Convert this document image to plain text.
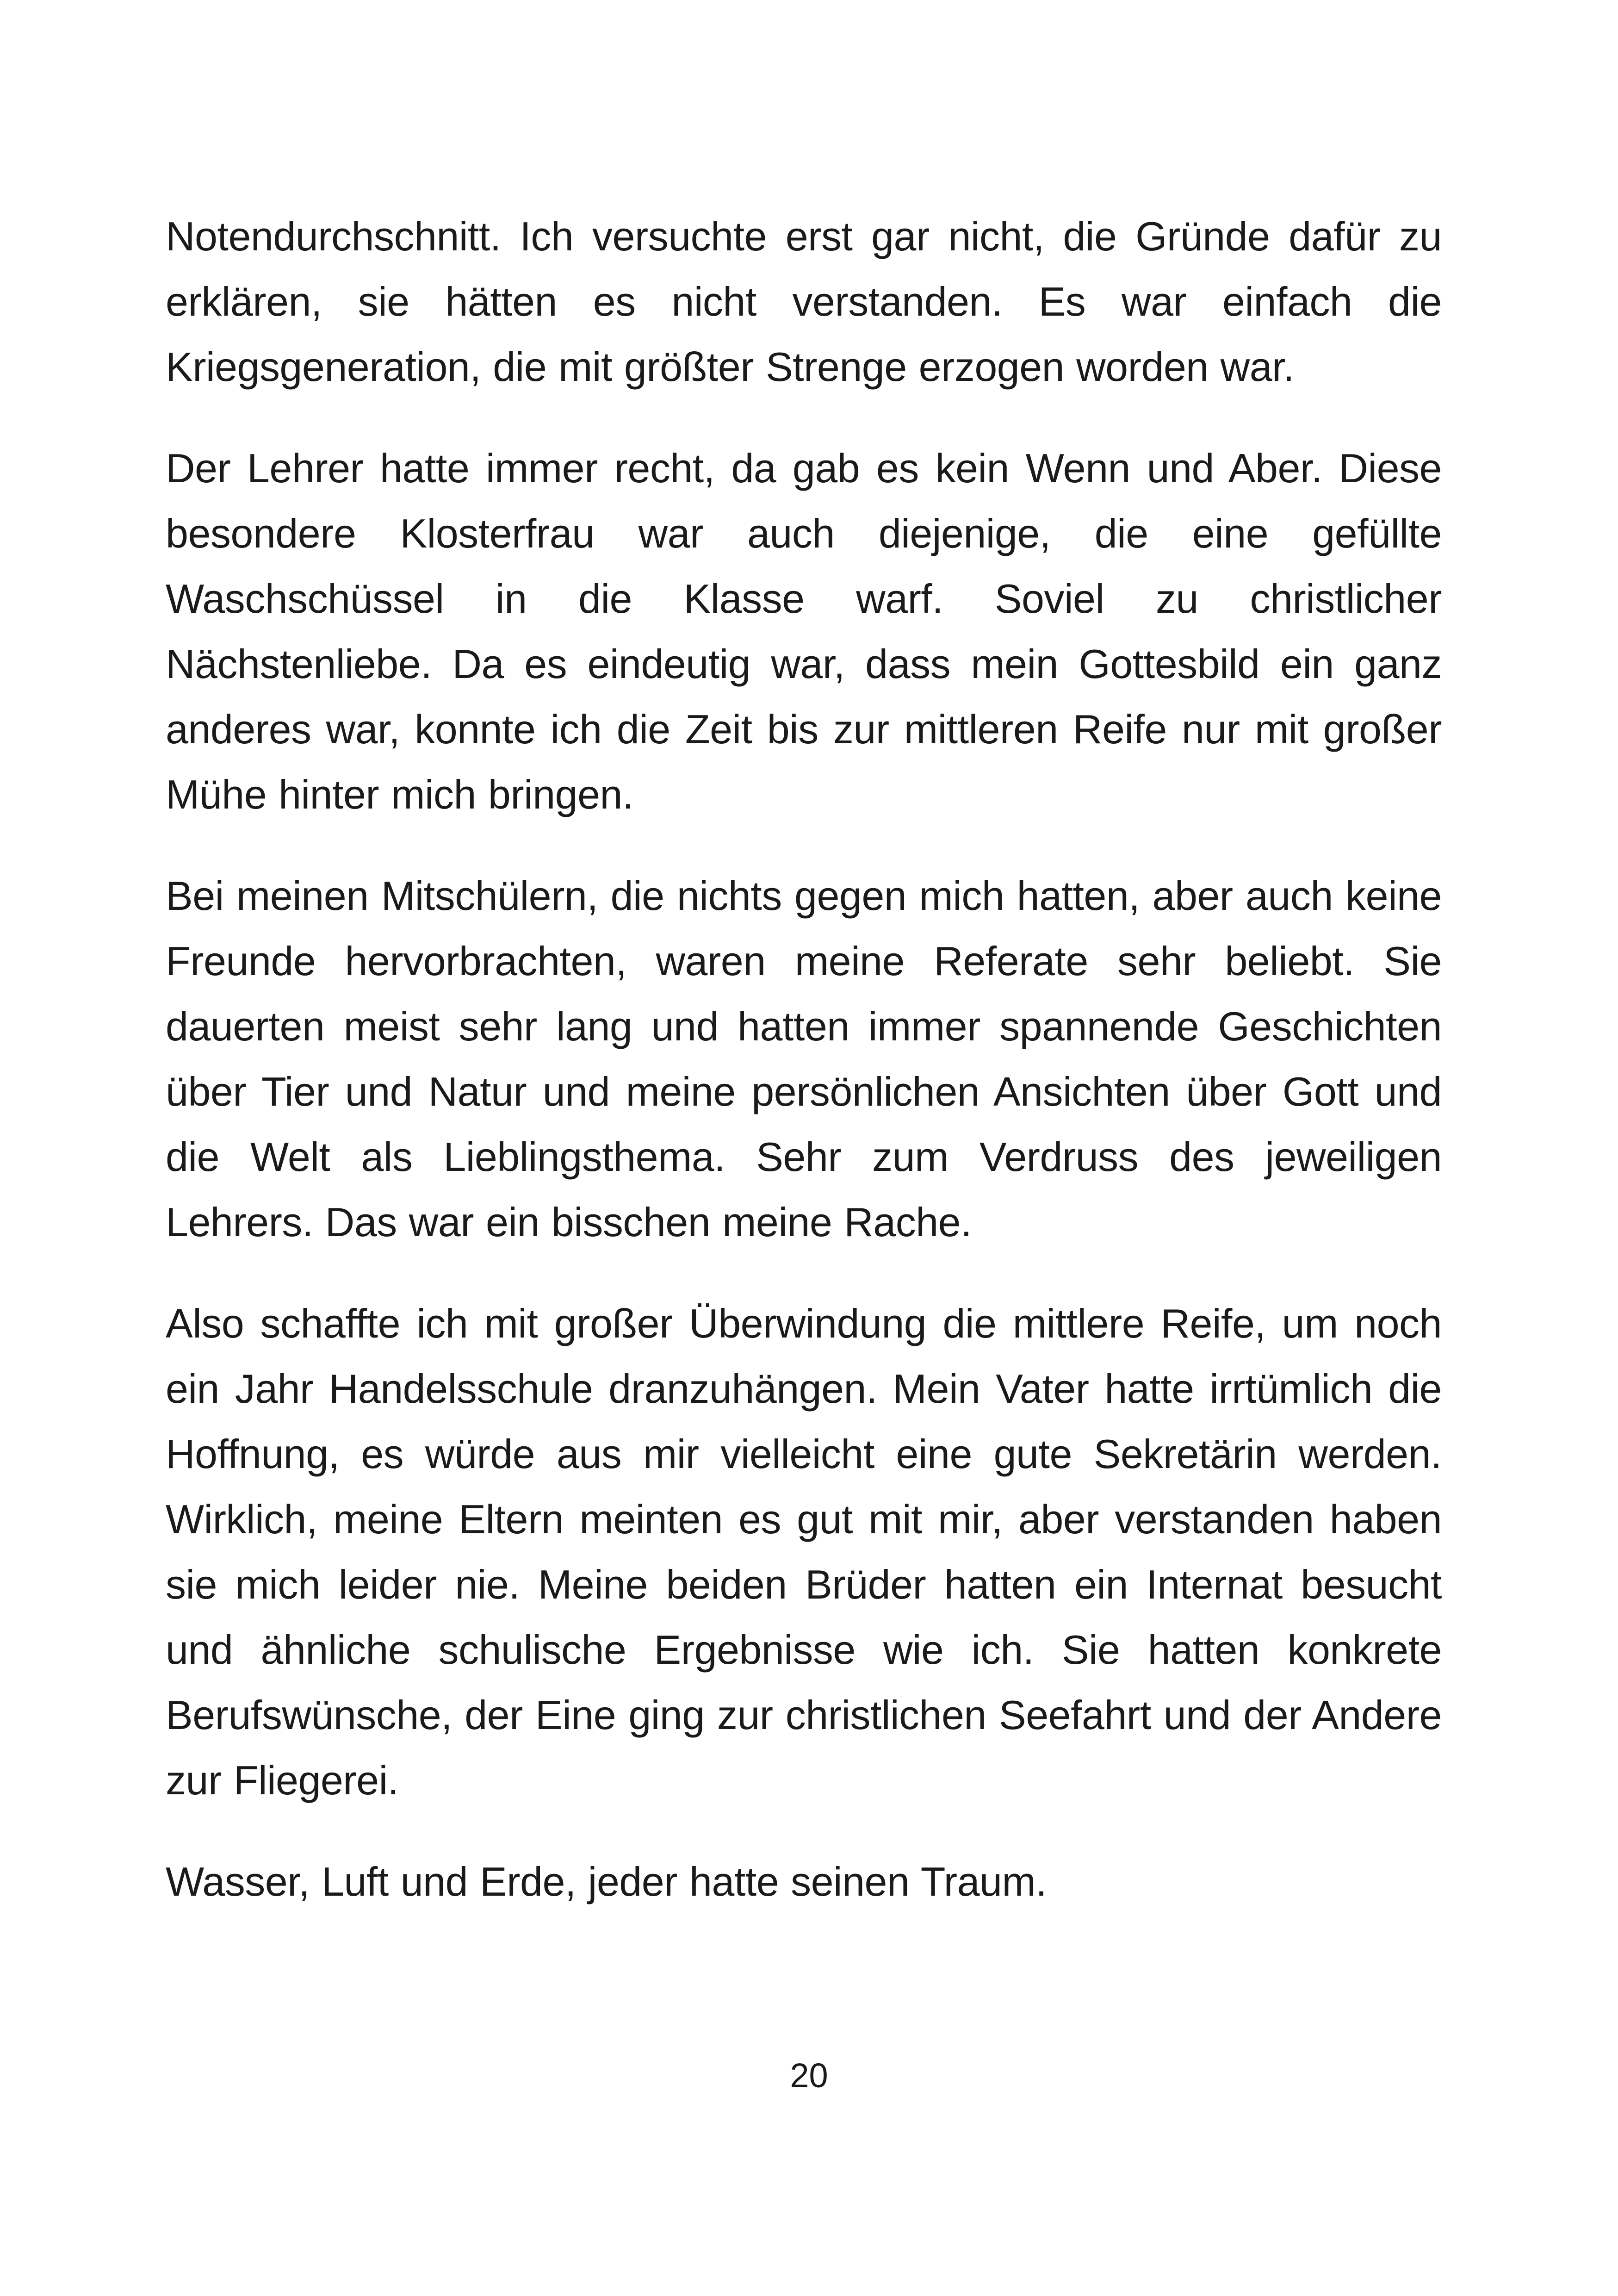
Notendurchschnitt. Ich versuchte erst gar nicht, die Gründe dafür zu erklären, sie hätten es nicht verstanden. Es war einfach die Kriegsgeneration, die mit größter Strenge erzogen worden war.

Der Lehrer hatte immer recht, da gab es kein Wenn und Aber. Diese besondere Klosterfrau war auch diejenige, die eine gefüllte Waschschüssel in die Klasse warf. Soviel zu christlicher Nächstenliebe. Da es eindeutig war, dass mein Gottesbild ein ganz anderes war, konnte ich die Zeit bis zur mittleren Reife nur mit großer Mühe hinter mich bringen.

Bei meinen Mitschülern, die nichts gegen mich hatten, aber auch keine Freunde hervorbrachten, waren meine Referate sehr beliebt. Sie dauerten meist sehr lang und hatten immer spannende Geschichten über Tier und Natur und meine persönlichen Ansichten über Gott und die Welt als Lieblingsthema. Sehr zum Verdruss des jeweiligen Lehrers. Das war ein bisschen meine Rache.

Also schaffte ich mit großer Überwindung die mittlere Reife, um noch ein Jahr Handelsschule dranzuhängen. Mein Vater hatte irrtümlich die Hoffnung, es würde aus mir vielleicht eine gute Sekretärin werden. Wirklich, meine Eltern meinten es gut mit mir, aber verstanden haben sie mich leider nie. Meine beiden Brüder hatten ein Internat besucht und ähnliche schulische Ergebnisse wie ich. Sie hatten konkrete Berufswünsche, der Eine ging zur christlichen Seefahrt und der Andere zur Fliegerei.

Wasser, Luft und Erde, jeder hatte seinen Traum.

20
